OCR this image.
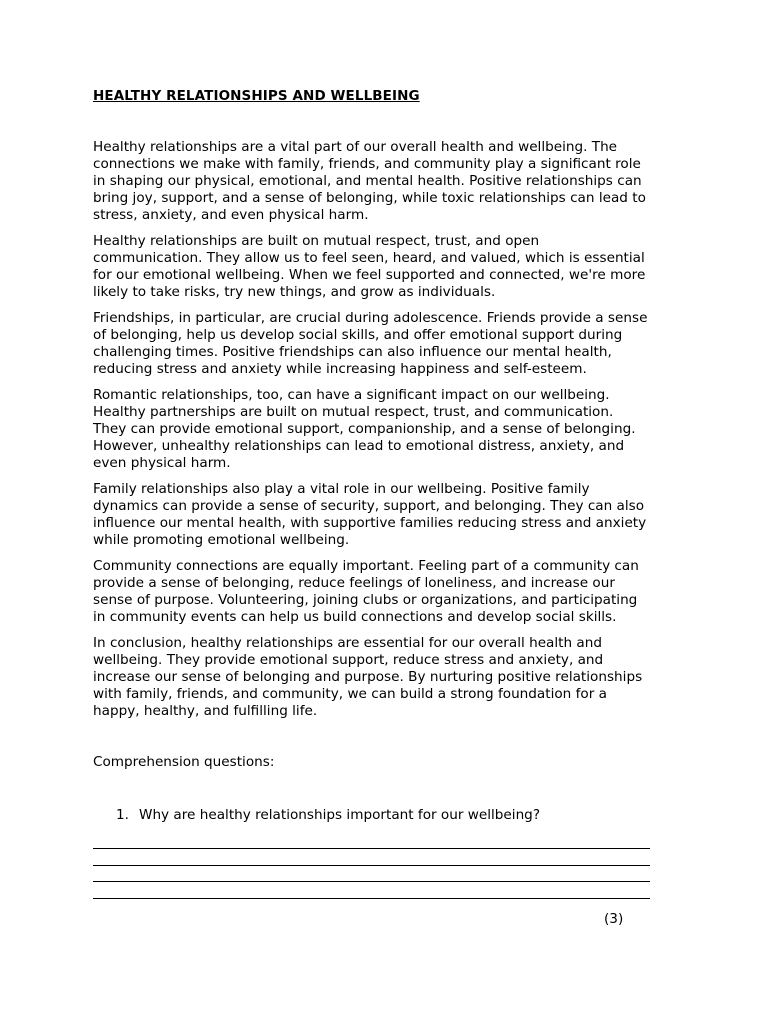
HEALTHY RELATIONSHIPS AND WELLBEING

Healthy relationships are a vital part of our overall health and wellbeing. The
connections we make with family, friends, and community play a significant role
in shaping our physical, emotional, and mental health. Positive relationships can
bring joy, support, and a sense of belonging, while toxic relationships can lead to
stress, anxiety, and even physical harm.

Healthy relationships are built on mutual respect, trust, and open
communication. They allow us to feel seen, heard, and valued, which is essential
for our emotional wellbeing. When we feel supported and connected, we're more
likely to take risks, try new things, and grow as individuals.

Friendships, in particular, are crucial during adolescence. Friends provide a sense
of belonging, help us develop social skills, and offer emotional support during
challenging times. Positive friendships can also influence our mental health,
reducing stress and anxiety while increasing happiness and self-esteem.

Romantic relationships, too, can have a significant impact on our wellbeing.
Healthy partnerships are built on mutual respect, trust, and communication.
They can provide emotional support, companionship, and a sense of belonging.
However, unhealthy relationships can lead to emotional distress, anxiety, and
even physical harm.

Family relationships also play a vital role in our wellbeing. Positive family
dynamics can provide a sense of security, support, and belonging. They can also
influence our mental health, with supportive families reducing stress and anxiety
while promoting emotional wellbeing.

Community connections are equally important. Feeling part of a community can
provide a sense of belonging, reduce feelings of loneliness, and increase our
sense of purpose. Volunteering, joining clubs or organizations, and participating
in community events can help us build connections and develop social skills.

In conclusion, healthy relationships are essential for our overall health and
wellbeing. They provide emotional support, reduce stress and anxiety, and
increase our sense of belonging and purpose. By nurturing positive relationships
with family, friends, and community, we can build a strong foundation for a
happy, healthy, and fulfilling life.

Comprehension questions:
1. Why are healthy relationships important for our wellbeing?
(3)
